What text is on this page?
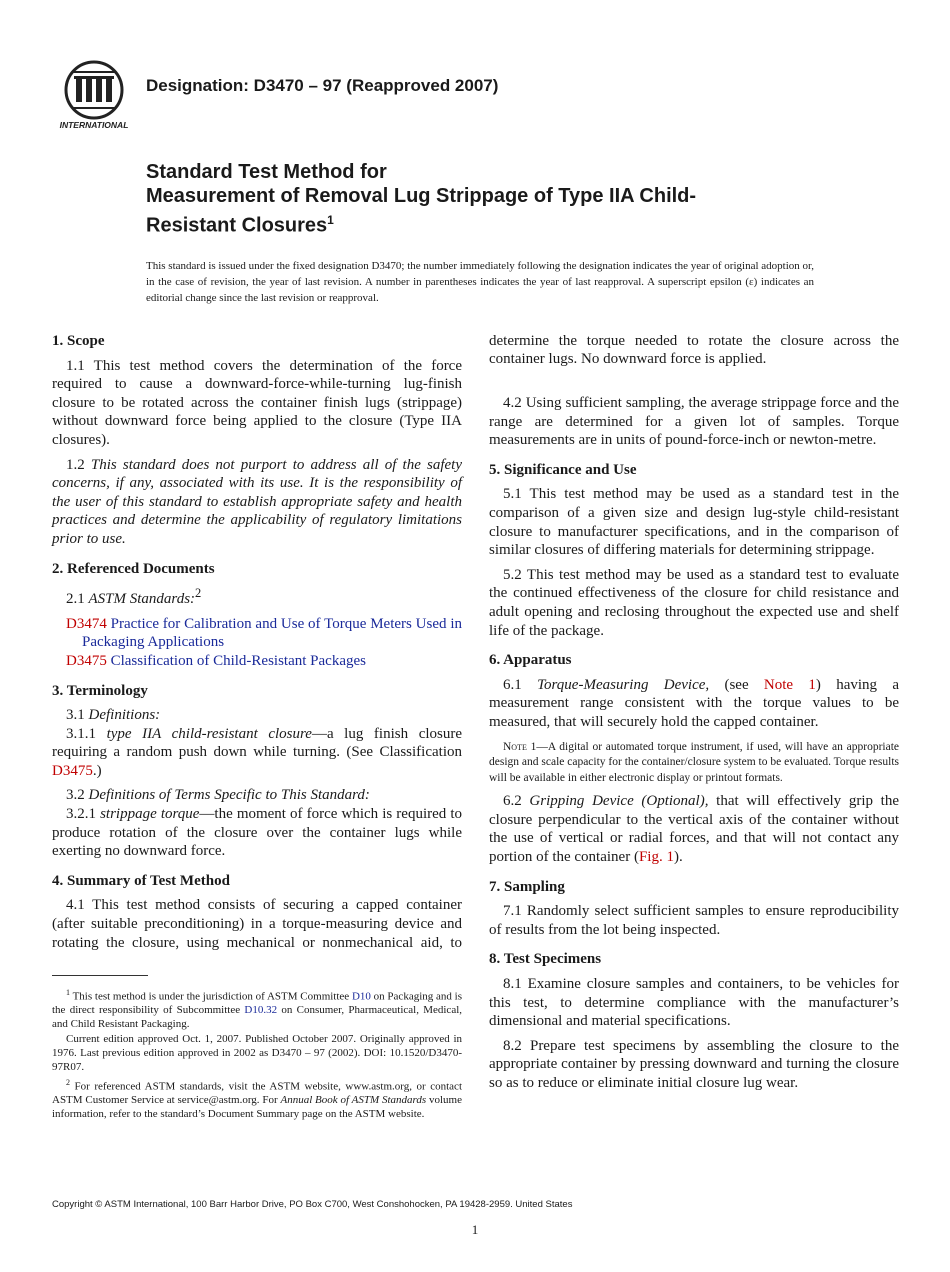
INTERNATIONAL
Designation: D3470 – 97 (Reapproved 2007)
Standard Test Method for
Measurement of Removal Lug Strippage of Type IIA Child-
Resistant Closures$^1$
This standard is issued under the fixed designation D3470; the number immediately following the designation indicates the year of original adoption or, in the case of revision, the year of last revision. A number in parentheses indicates the year of last reapproval. A superscript epsilon (ε) indicates an editorial change since the last revision or reapproval.
1. Scope

1.1 This test method covers the determination of the force required to cause a downward-force-while-turning lug-finish closure to be rotated across the container finish lugs (strippage) without downward force being applied to the closure (Type IIA closures).

1.2 This standard does not purport to address all of the safety concerns, if any, associated with its use. It is the responsibility of the user of this standard to establish appropriate safety and health practices and determine the applicability of regulatory limitations prior to use.

2. Referenced Documents

2.1 ASTM Standards:$^2$

D3474 Practice for Calibration and Use of Torque Meters Used in Packaging Applications
D3475 Classification of Child-Resistant Packages
3. Terminology

3.1 Definitions:

3.1.1 type IIA child-resistant closure—a lug finish closure requiring a random push down while turning. (See Classification D3475.)

3.2 Definitions of Terms Specific to This Standard:

3.2.1 strippage torque—the moment of force which is required to produce rotation of the closure over the container lugs while exerting no downward force.

4. Summary of Test Method

4.1 This test method consists of securing a capped container (after suitable preconditioning) in a torque-measuring device and rotating the closure, using mechanical or nonmechanical aid, to

determine the torque needed to rotate the closure across the container lugs. No downward force is applied.

4.2 Using sufficient sampling, the average strippage force and the range are determined for a given lot of samples. Torque measurements are in units of pound-force-inch or newton-metre.

5. Significance and Use

5.1 This test method may be used as a standard test in the comparison of a given size and design lug-style child-resistant closure to manufacturer specifications, and in the comparison of similar closures of differing materials for determining strippage.

5.2 This test method may be used as a standard test to evaluate the continued effectiveness of the closure for child resistance and adult opening and reclosing throughout the expected use and shelf life of the package.

6. Apparatus

6.1 Torque-Measuring Device, (see Note 1) having a measurement range consistent with the torque values to be measured, that will securely hold the capped container.

Note 1—A digital or automated torque instrument, if used, will have an appropriate design and scale capacity for the container/closure system to be evaluated. Torque results will be available in either electronic display or printout formats.

6.2 Gripping Device (Optional), that will effectively grip the closure perpendicular to the vertical axis of the container without the use of vertical or radial forces, and that will not contact any portion of the container (Fig. 1).

7. Sampling

7.1 Randomly select sufficient samples to ensure reproducibility of results from the lot being inspected.

8. Test Specimens

8.1 Examine closure samples and containers, to be vehicles for this test, to determine compliance with the manufacturer’s dimensional and material specifications.

8.2 Prepare test specimens by assembling the closure to the appropriate container by pressing downward and turning the closure so as to reduce or eliminate initial closure lug wear.

$^1$ This test method is under the jurisdiction of ASTM Committee D10 on Packaging and is the direct responsibility of Subcommittee D10.32 on Consumer, Pharmaceutical, Medical, and Child Resistant Packaging.

Current edition approved Oct. 1, 2007. Published October 2007. Originally approved in 1976. Last previous edition approved in 2002 as D3470 – 97 (2002). DOI: 10.1520/D3470-97R07.

$^2$ For referenced ASTM standards, visit the ASTM website, www.astm.org, or contact ASTM Customer Service at service@astm.org. For Annual Book of ASTM Standards volume information, refer to the standard’s Document Summary page on the ASTM website.

Copyright © ASTM International, 100 Barr Harbor Drive, PO Box C700, West Conshohocken, PA 19428-2959. United States
1
